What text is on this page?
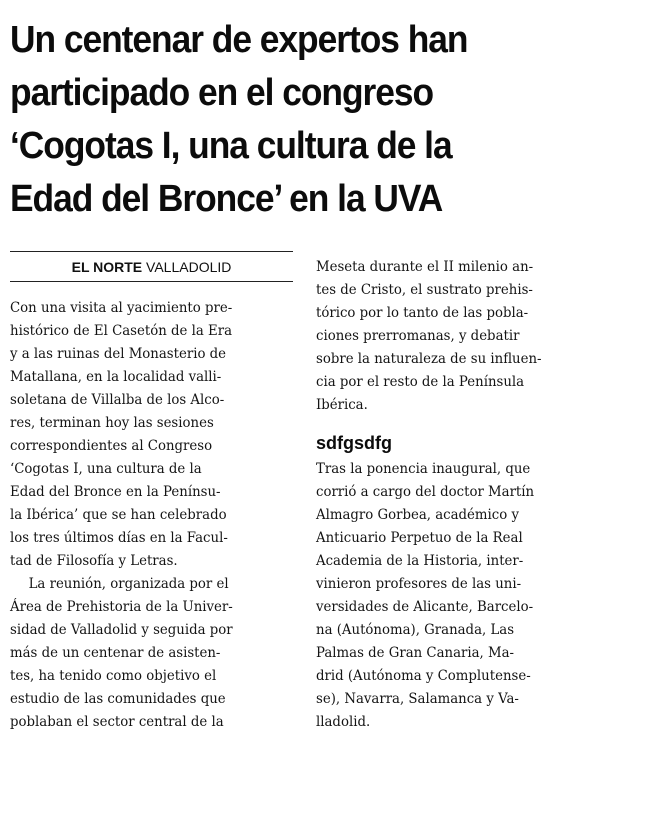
Un centenar de expertos han
participado en el congreso
‘Cogotas I, una cultura de la
Edad del Bronce’ en la UVA
EL NORTE VALLADOLID
Con una visita al yacimiento pre-
histórico de El Casetón de la Era
y a las ruinas del Monasterio de
Matallana, en la localidad valli-
soletana de Villalba de los Alco-
res, terminan hoy las sesiones
correspondientes al Congreso
‘Cogotas I, una cultura de la
Edad del Bronce en la Penínsu-
la Ibérica’ que se han celebrado
los tres últimos días en la Facul-
tad de Filosofía y Letras.
La reunión, organizada por el
Área de Prehistoria de la Univer-
sidad de Valladolid y seguida por
más de un centenar de asisten-
tes, ha tenido como objetivo el
estudio de las comunidades que
poblaban el sector central de la
Meseta durante el II milenio an-
tes de Cristo, el sustrato prehis-
tórico por lo tanto de las pobla-
ciones prerromanas, y debatir
sobre la naturaleza de su influen-
cia por el resto de la Península
Ibérica.
sdfgsdfg
Tras la ponencia inaugural, que
corrió a cargo del doctor Martín
Almagro Gorbea, académico y
Anticuario Perpetuo de la Real
Academia de la Historia, inter-
vinieron profesores de las uni-
versidades de Alicante, Barcelo-
na (Autónoma), Granada, Las
Palmas de Gran Canaria, Ma-
drid (Autónoma y Complutense-
se), Navarra, Salamanca y Va-
lladolid.
